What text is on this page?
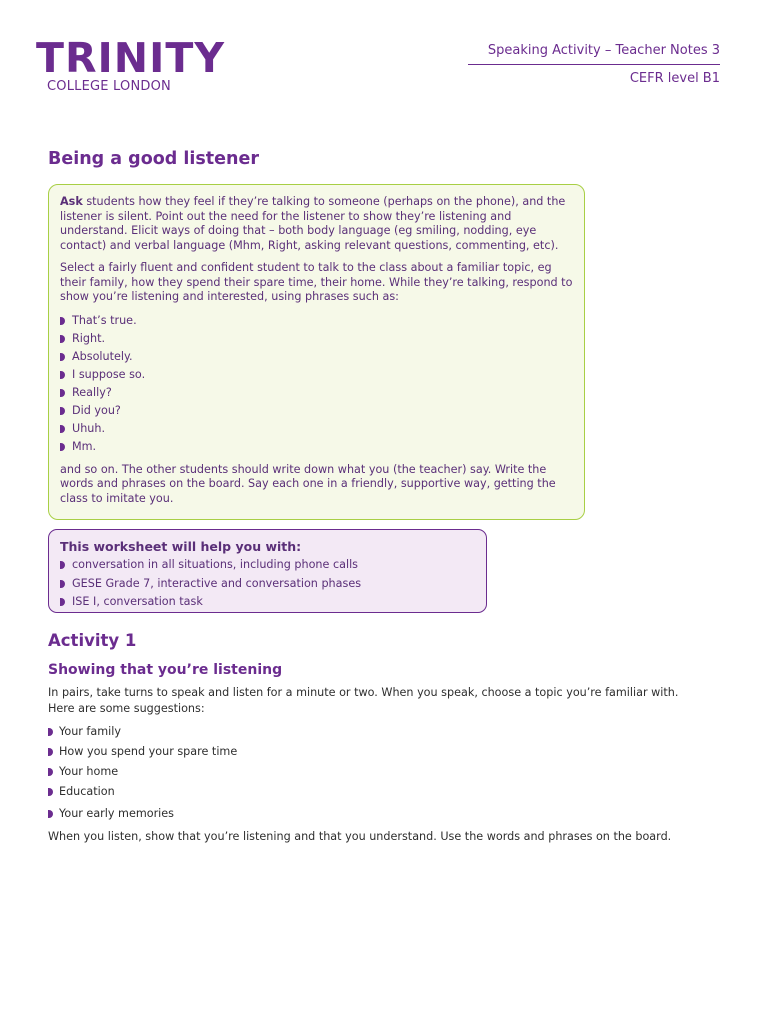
TRINITY
COLLEGE LONDON
Speaking Activity – Teacher Notes 3
CEFR level B1
Being a good listener

Ask students how they feel if they’re talking to someone (perhaps on the phone), and the listener is silent. Point out the need for the listener to show they’re listening and understand. Elicit ways of doing that – both body language (eg smiling, nodding, eye contact) and verbal language (Mhm, Right, asking relevant questions, commenting, etc).

Select a fairly fluent and confident student to talk to the class about a familiar topic, eg their family, how they spend their spare time, their home. While they’re talking, respond to show you’re listening and interested, using phrases such as:

That’s true.
Right.
Absolutely.
I suppose so.
Really?
Did you?
Uhuh.
Mm.

and so on. The other students should write down what you (the teacher) say. Write the words and phrases on the board. Say each one in a friendly, supportive way, getting the class to imitate you.

This worksheet will help you with:
conversation in all situations, including phone calls
GESE Grade 7, interactive and conversation phases
ISE I, conversation task
Activity 1
Showing that you’re listening
In pairs, take turns to speak and listen for a minute or two. When you speak, choose a topic you’re familiar with. Here are some suggestions:
Your family
How you spend your spare time
Your home
Education
Your early memories
When you listen, show that you’re listening and that you understand. Use the words and phrases on the board.
